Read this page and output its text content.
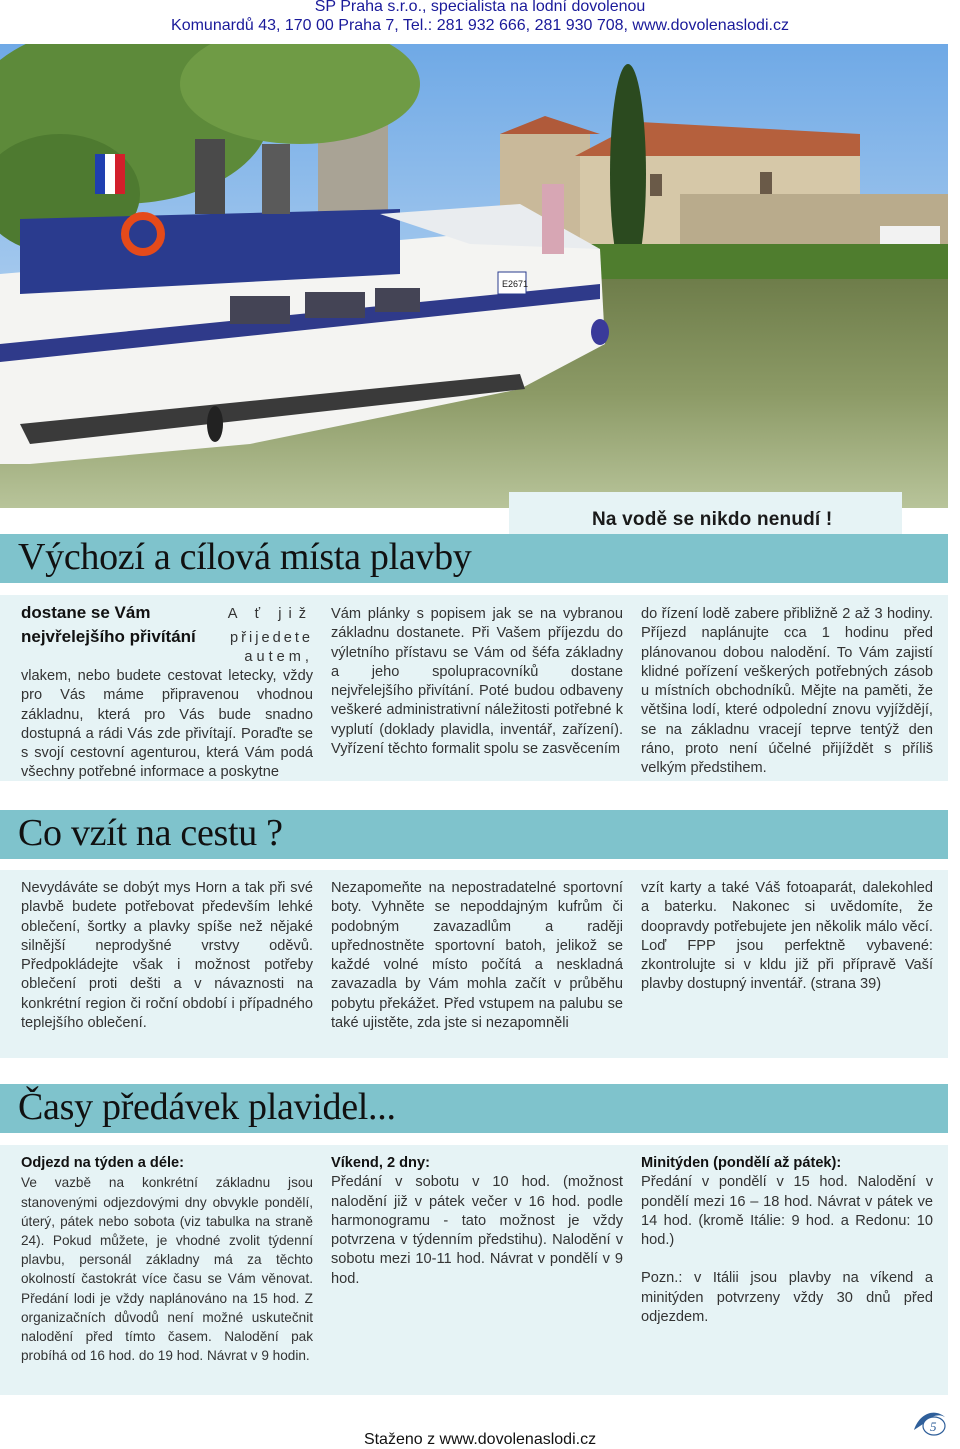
SP Praha s.r.o., specialista na lodní dovolenou
Komunardů 43, 170 00 Praha 7, Tel.: 281 932 666, 281 930 708, www.dovolenaslodi.cz
E2671
Na vodě se nikdo nenudí !
Výchozí a cílová místa plavby
dostane se Vám	A ť již
nejvřelejšího přivítání přijedete
autem,

vlakem, nebo budete cestovat letecky, vždy pro Vás máme připravenou vhodnou základnu, která pro Vás bude snadno dostupná a rádi Vás zde přivítají. Poraďte se s svojí cestovní agenturou, která Vám podá všechny potřebné informace a poskytne

Vám plánky s popisem jak se na vybranou základnu dostanete. Při Vašem příjezdu do výletního přístavu se Vám od šéfa základny a jeho spolupracovníků dostane nejvřelejšího přivítání. Poté budou odbaveny veškeré administrativní náležitosti potřebné k vyplutí (doklady plavidla, inventář, zařízení). Vyřízení těchto formalit spolu se zasvěcením

do řízení lodě zabere přibližně 2 až 3 hodiny. Příjezd naplánujte cca 1 hodinu před plánovanou dobou nalodění. To Vám zajistí klidné pořízení veškerých potřebných zásob u místních obchodníků. Mějte na paměti, že většina lodí, které odpolední znovu vyjíždějí, se na základnu vracejí teprve tentýž den ráno, proto není účelné přijíždět s příliš velkým předstihem.

Co vzít na cestu ?

Nevydáváte se dobýt mys Horn a tak při své plavbě budete potřebovat především lehké oblečení, šortky a plavky spíše než nějaké silnější neprodyšné vrstvy oděvů. Předpokládejte však i možnost potřeby oblečení proti dešti a v návaznosti na konkrétní region či roční období i případného teplejšího oblečení.

Nezapomeňte na nepostradatelné sportovní boty. Vyhněte se nepoddajným kufrům či podobným zavazadlům a raději upřednostněte sportovní batoh, jelikož se každé volné místo počítá a neskladná zavazadla by Vám mohla začít v průběhu pobytu překážet. Před vstupem na palubu se také ujistěte, zda jste si nezapomněli

vzít karty a také Váš fotoaparát, dalekohled a baterku. Nakonec si uvědomíte, že doopravdy potřebujete jen několik málo věcí. Loď FPP jsou perfektně vybavené: zkontrolujte si v kldu již při přípravě Vaší plavby dostupný inventář. (strana 39)

Časy předávek plavidel...
Odjezd na týden a déle:

Ve vazbě na konkrétní základnu jsou stanovenými odjezdovými dny obvykle pondělí, úterý, pátek nebo sobota (viz tabulka na straně 24). Pokud můžete, je vhodné zvolit týdenní plavbu, personál základny má za těchto okolností častokrát více času se Vám věnovat. Předání lodi je vždy naplánováno na 15 hod. Z organizačních důvodů není možné uskutečnit nalodění před tímto časem. Nalodění pak probíhá od 16 hod. do 19 hod. Návrat v 9 hodin.

Víkend, 2 dny:

Předání v sobotu v 10 hod. (možnost nalodění již v pátek večer v 16 hod. podle harmonogramu - tato možnost je vždy potvrzena v týdenním předstihu). Nalodění v sobotu mezi 10-11 hod. Návrat v pondělí v 9 hod.

Minitýden (pondělí až pátek):

Předání v pondělí v 15 hod. Nalodění v pondělí mezi 16 – 18 hod. Návrat v pátek ve 14 hod. (kromě Itálie: 9 hod. a Redonu: 10 hod.)

Pozn.: v Itálii jsou plavby na víkend a minitýden potvrzeny vždy 30 dnů před odjezdem.

5
Staženo z www.dovolenaslodi.cz
